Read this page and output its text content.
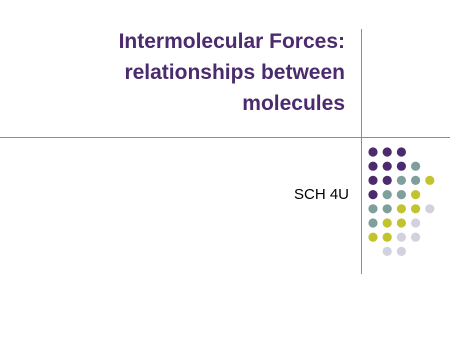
Intermolecular Forces: relationships between molecules
SCH 4U
